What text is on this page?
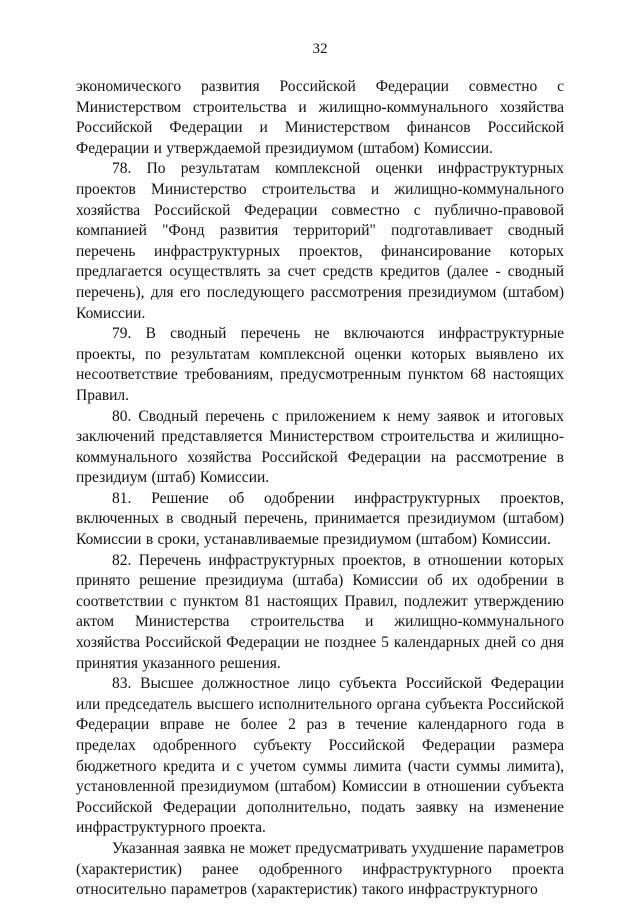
32

экономического развития Российской Федерации совместно с Министерством строительства и жилищно-коммунального хозяйства Российской Федерации и Министерством финансов Российской Федерации и утверждаемой президиумом (штабом) Комиссии.

78. По результатам комплексной оценки инфраструктурных проектов Министерство строительства и жилищно-коммунального хозяйства Российской Федерации совместно с публично-правовой компанией "Фонд развития территорий" подготавливает сводный перечень инфраструктурных проектов, финансирование которых предлагается осуществлять за счет средств кредитов (далее - сводный перечень), для его последующего рассмотрения президиумом (штабом) Комиссии.

79. В сводный перечень не включаются инфраструктурные проекты, по результатам комплексной оценки которых выявлено их несоответствие требованиям, предусмотренным пунктом 68 настоящих Правил.

80. Сводный перечень с приложением к нему заявок и итоговых заключений представляется Министерством строительства и жилищно-коммунального хозяйства Российской Федерации на рассмотрение в президиум (штаб) Комиссии.

81. Решение об одобрении инфраструктурных проектов, включенных в сводный перечень, принимается президиумом (штабом) Комиссии в сроки, устанавливаемые президиумом (штабом) Комиссии.

82. Перечень инфраструктурных проектов, в отношении которых принято решение президиума (штаба) Комиссии об их одобрении в соответствии с пунктом 81 настоящих Правил, подлежит утверждению актом Министерства строительства и жилищно-коммунального хозяйства Российской Федерации не позднее 5 календарных дней со дня принятия указанного решения.

83. Высшее должностное лицо субъекта Российской Федерации или председатель высшего исполнительного органа субъекта Российской Федерации вправе не более 2 раз в течение календарного года в пределах одобренного субъекту Российской Федерации размера бюджетного кредита и с учетом суммы лимита (части суммы лимита), установленной президиумом (штабом) Комиссии в отношении субъекта Российской Федерации дополнительно, подать заявку на изменение инфраструктурного проекта.

Указанная заявка не может предусматривать ухудшение параметров (характеристик) ранее одобренного инфраструктурного проекта относительно параметров (характеристик) такого инфраструктурного
